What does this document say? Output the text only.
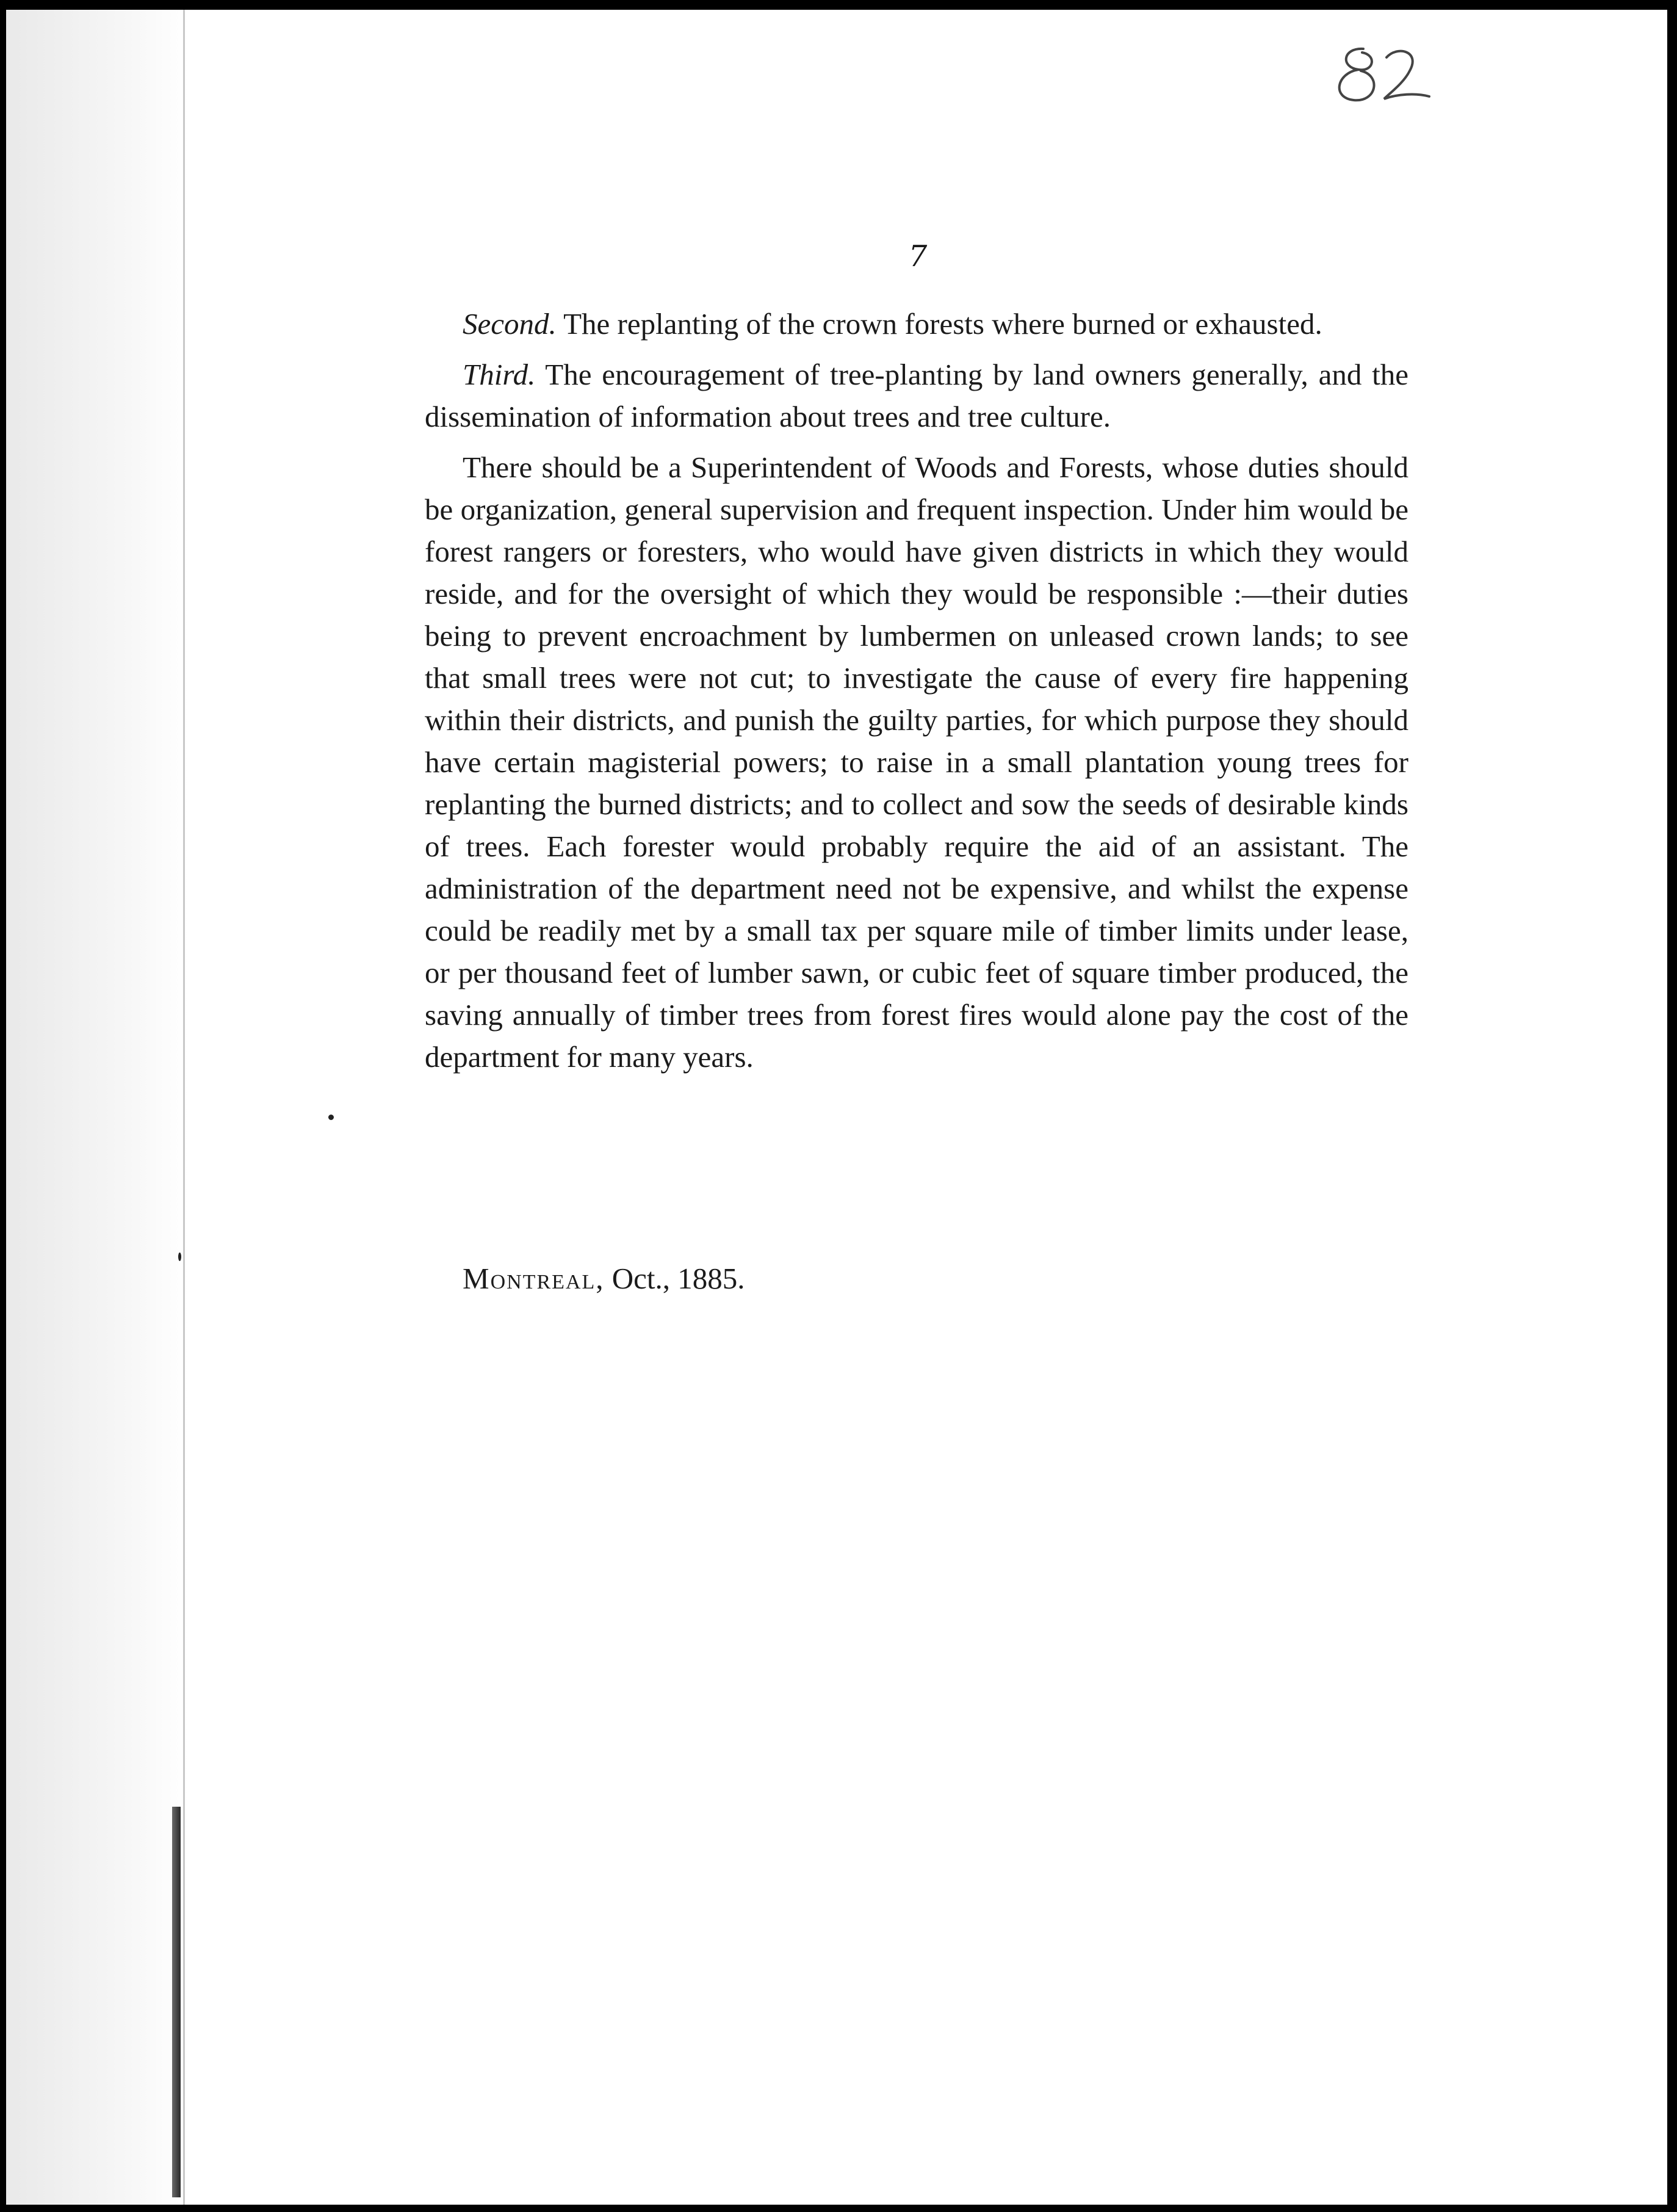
7

Second. The replanting of the crown forests where burned or exhausted.

Third. The encouragement of tree-planting by land owners generally, and the dissemination of information about trees and tree culture.

There should be a Superintendent of Woods and Forests, whose duties should be organization, general supervision and frequent inspection. Under him would be forest rangers or foresters, who would have given districts in which they would reside, and for the oversight of which they would be responsible :—their duties being to prevent encroachment by lumbermen on unleased crown lands; to see that small trees were not cut; to investigate the cause of every fire happening within their districts, and punish the guilty parties, for which purpose they should have certain magisterial powers; to raise in a small plantation young trees for replanting the burned districts; and to collect and sow the seeds of desirable kinds of trees. Each forester would probably require the aid of an assistant. The administration of the department need not be expensive, and whilst the expense could be readily met by a small tax per square mile of timber limits under lease, or per thousand feet of lumber sawn, or cubic feet of square timber produced, the saving annually of timber trees from forest fires would alone pay the cost of the department for many years.

Montreal, Oct., 1885.
